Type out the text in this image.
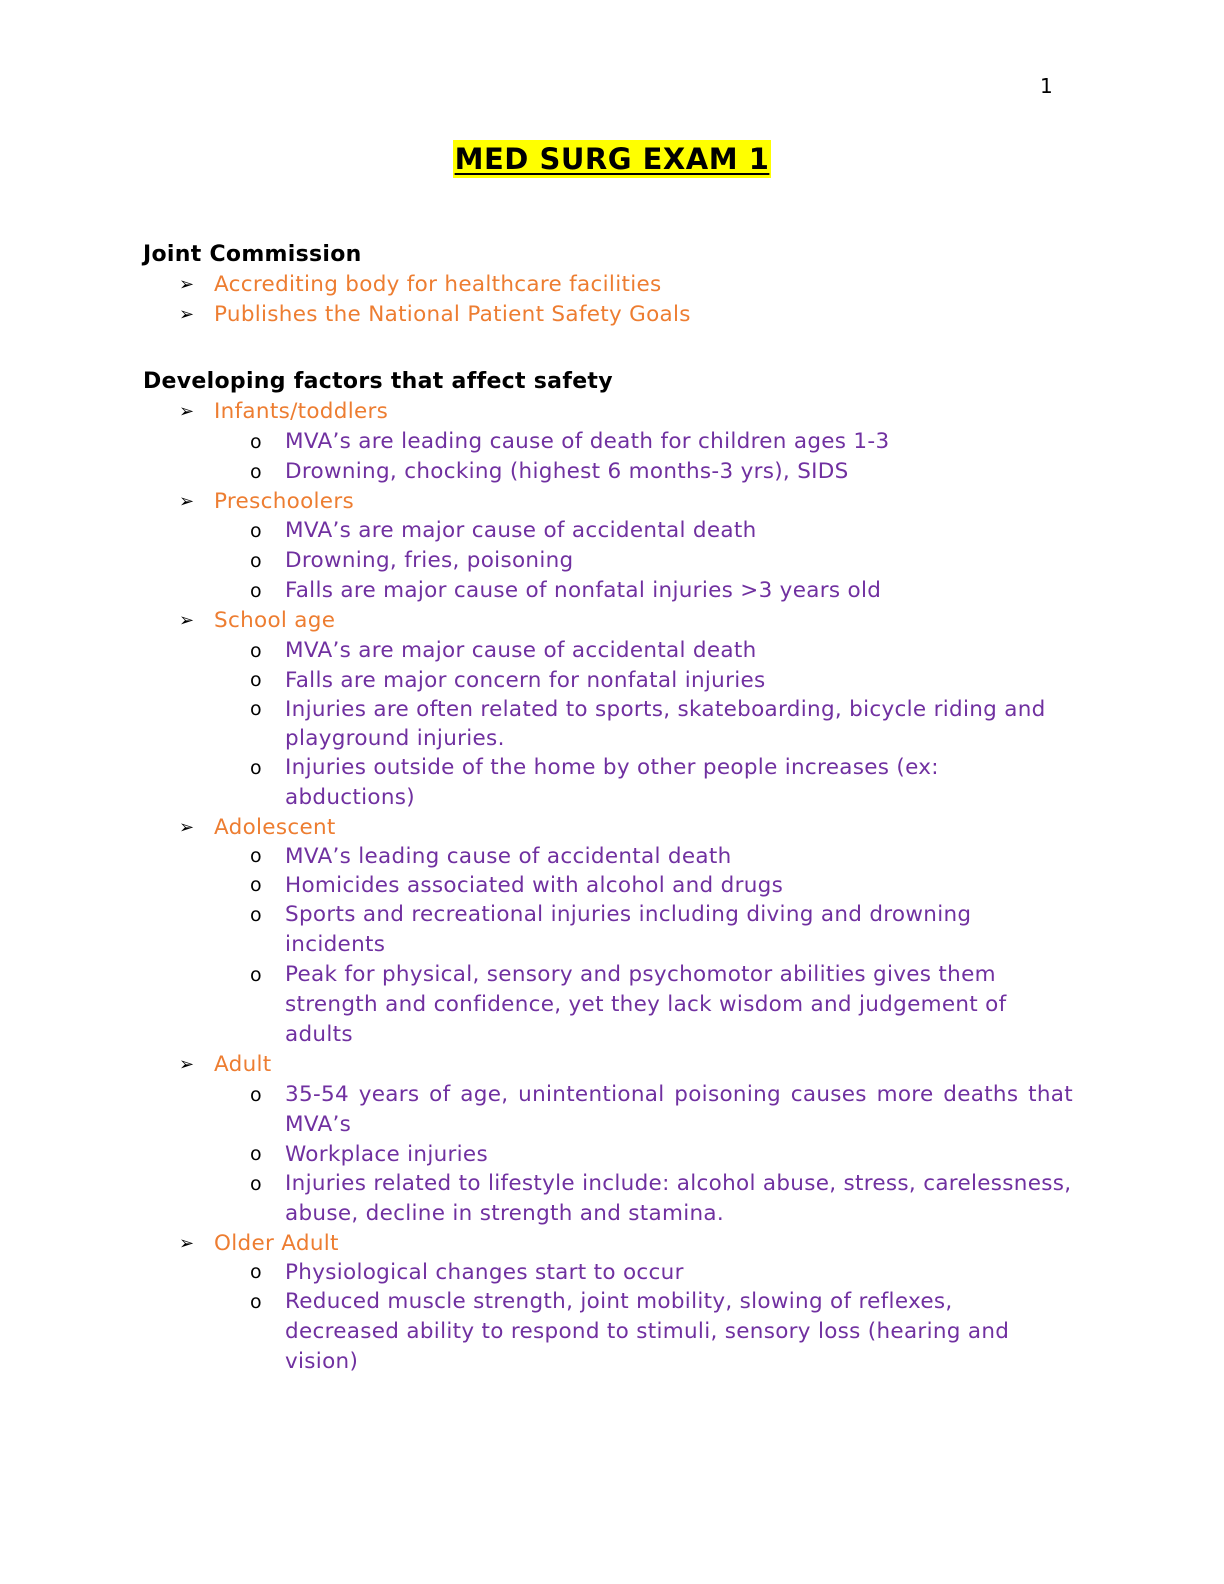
1
MED SURG EXAM 1
Joint Commission
➢ Accrediting body for healthcare facilities
➢ Publishes the National Patient Safety Goals
Developing factors that affect safety
➢ Infants/toddlers
o MVA’s are leading cause of death for children ages 1-3
o Drowning, chocking (highest 6 months-3 yrs), SIDS
➢ Preschoolers
o MVA’s are major cause of accidental death
o Drowning, fries, poisoning
o Falls are major cause of nonfatal injuries >3 years old
➢ School age
o MVA’s are major cause of accidental death
o Falls are major concern for nonfatal injuries
o Injuries are often related to sports, skateboarding, bicycle riding and playground injuries.
o Injuries outside of the home by other people increases (ex: abductions)
➢ Adolescent
o MVA’s leading cause of accidental death
o Homicides associated with alcohol and drugs
o Sports and recreational injuries including diving and drowning incidents
o Peak for physical, sensory and psychomotor abilities gives them strength and confidence, yet they lack wisdom and judgement of adults
➢ Adult
o 35-54 years of age, unintentional poisoning causes more deaths that MVA’s
o Workplace injuries
o Injuries related to lifestyle include: alcohol abuse, stress, carelessness, abuse, decline in strength and stamina.
➢ Older Adult
o Physiological changes start to occur
o Reduced muscle strength, joint mobility, slowing of reflexes, decreased ability to respond to stimuli, sensory loss (hearing and vision)
